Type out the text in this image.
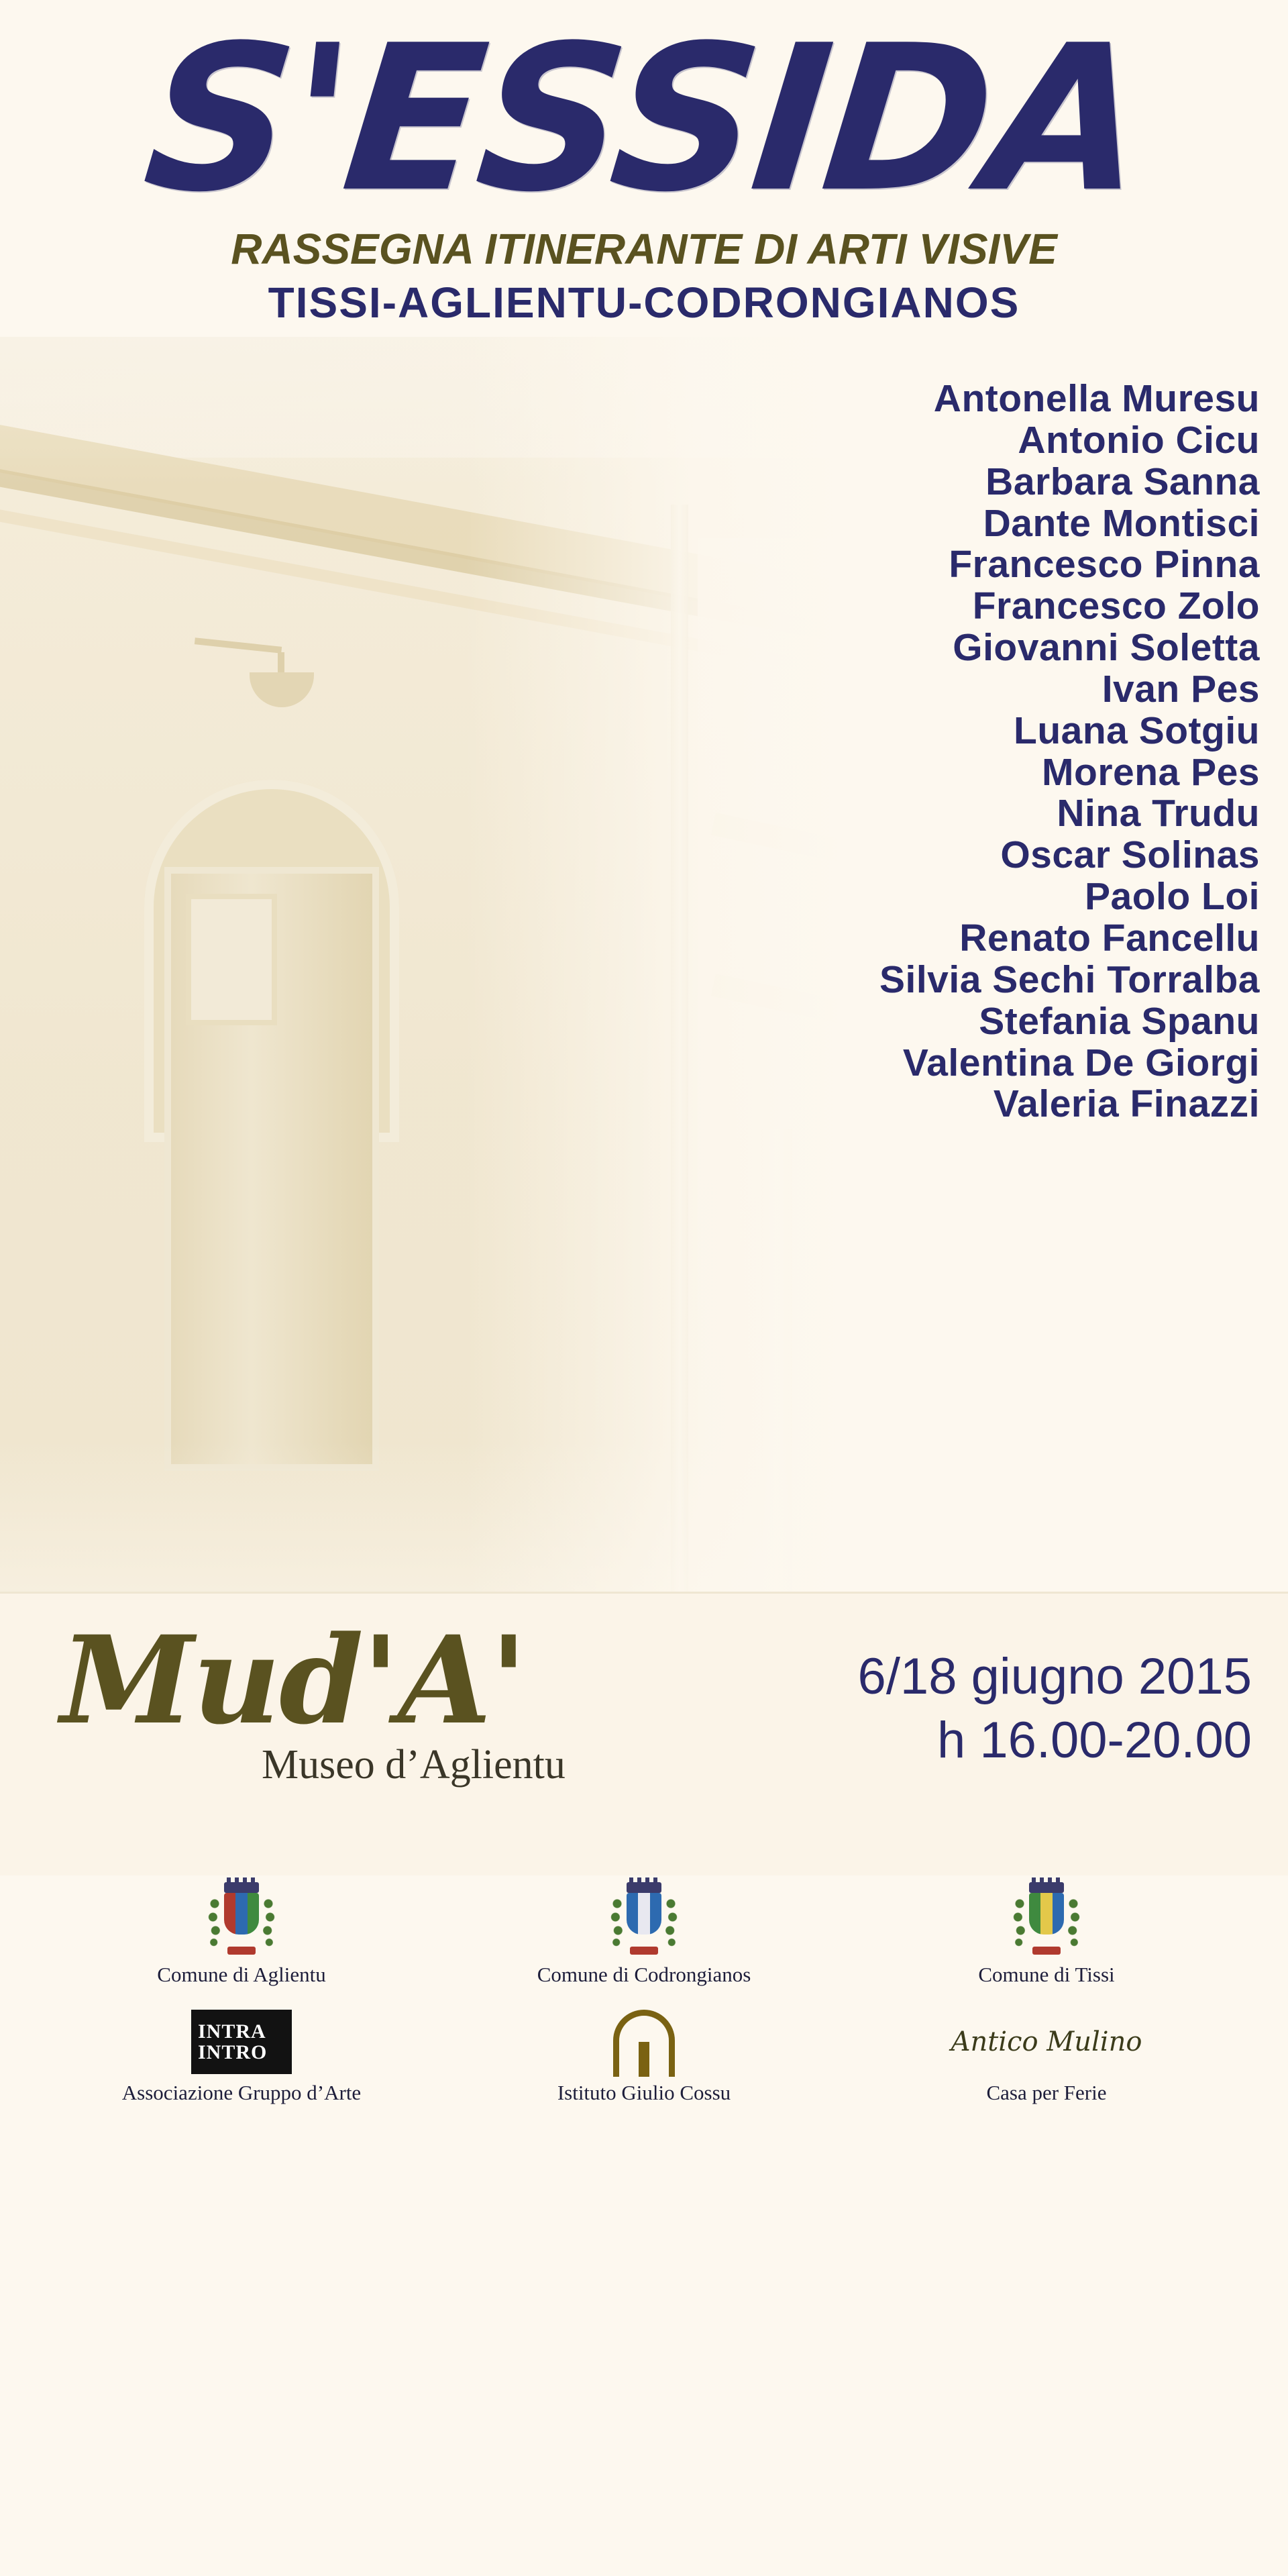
S'ESSIDA
RASSEGNA ITINERANTE DI ARTI VISIVE
TISSI-AGLIENTU-CODRONGIANOS
Antonella Muresu
Antonio Cicu
Barbara Sanna
Dante Montisci
Francesco Pinna
Francesco Zolo
Giovanni Soletta
Ivan Pes
Luana Sotgiu
Morena Pes
Nina Trudu
Oscar Solinas
Paolo Loi
Renato Fancellu
Silvia Sechi Torralba
Stefania Spanu
Valentina De Giorgi
Valeria Finazzi
Mud'A'
Museo d’Aglientu
6/18 giugno 2015
h 16.00-20.00
Comune di Aglientu	Comune di Codrongianos	Comune di Tissi
INTRA
INTRO
Associazione Gruppo d’Arte	Istituto Giulio Cossu
Antico Mulino
Casa per Ferie
